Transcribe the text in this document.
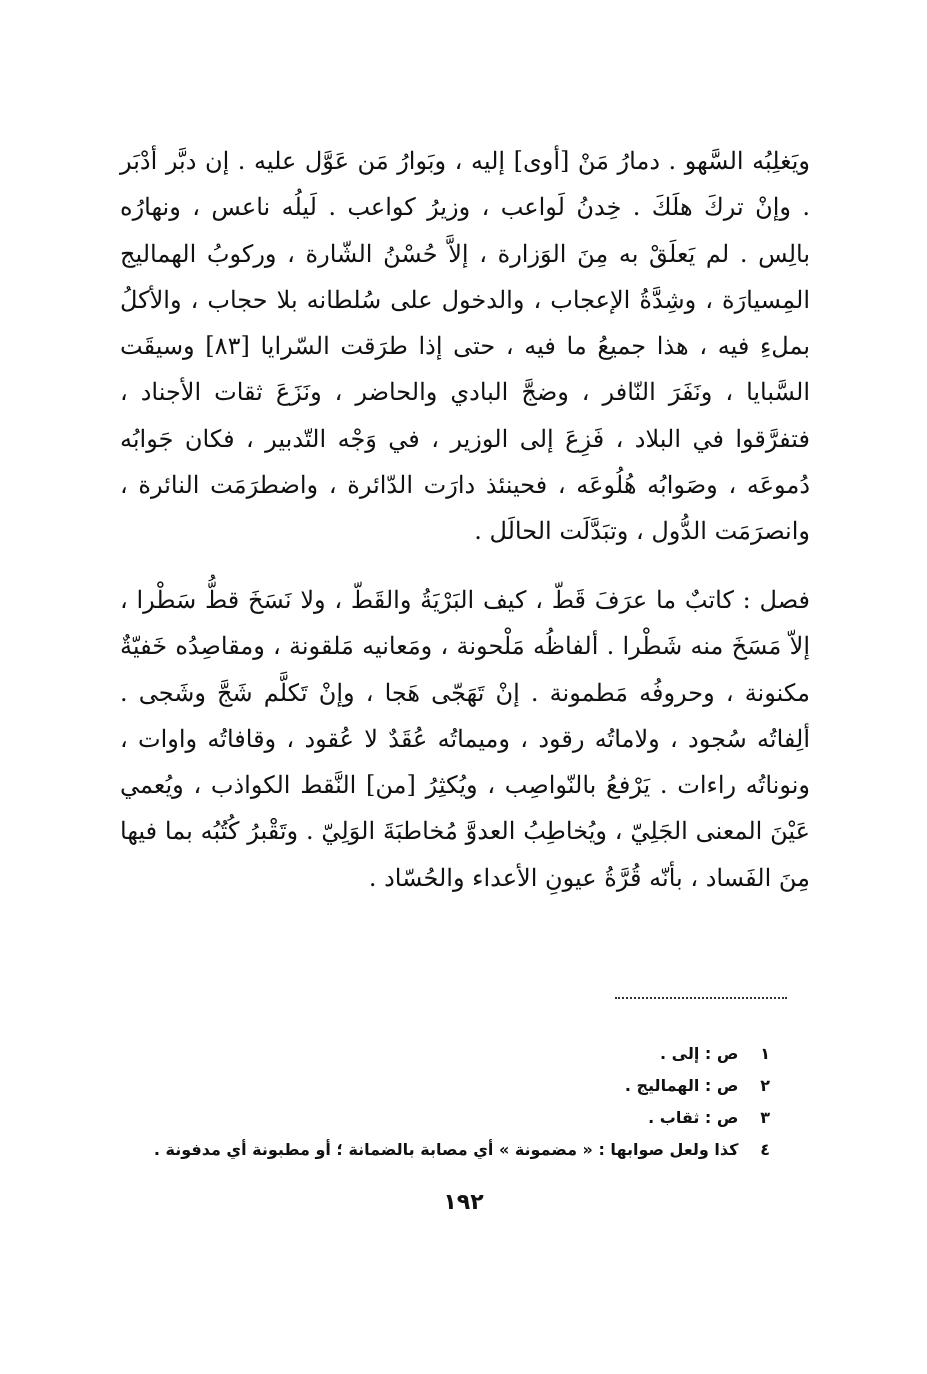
ويَغلِبُه السَّهو . دمارُ مَنْ [أوى] إليه ، وبَوارُ مَن عَوَّل عليه . إن دبَّر أدْبَر . وإنْ تركَ هلَكَ . خِدنُ لَواعب ، وزيرُ كواعب . لَيلُه ناعس ، ونهارُه بالِس . لم يَعلَقْ به مِنَ الوَزارة ، إلاَّ حُسْنُ الشّارة ، وركوبُ الهماليج المِسيارَة ، وشِدَّةُ الإعجاب ، والدخول على سُلطانه بلا حجاب ، والأكلُ بملءِ فيه ، هذا جميعُ ما فيه ، حتى إذا طرَقت السّرايا [٨٣] وسيقَت السَّبايا ، ونَفَرَ النّافر ، وضجَّ البادي والحاضر ، ونَزَعَ ثقات الأجناد ، فتفرَّقوا في البلاد ، فَزِعَ إلى الوزير ، في وَجْه التّدبير ، فكان جَوابُه دُموعَه ، وصَوابُه هُلُوعَه ، فحينئذ دارَت الدّائرة ، واضطرَمَت النائرة ، وانصرَمَت الدُّول ، وتبَدَّلَت الحالَل .

فصل : كاتبٌ ما عرَفَ قَطّ ، كيف البَرْيَةُ والقَطّ ، ولا نَسَخَ قطُّ سَطْرا ، إلاّ مَسَخَ منه شَطْرا . ألفاظُه مَلْحونة ، ومَعانيه مَلقونة ، ومقاصِدُه خَفيّةٌ مكنونة ، وحروفُه مَطمونة . إنْ تَهَجّى هَجا ، وإنْ تَكلَّم شَجَّ وشَجى . ألِفاتُه سُجود ، ولاماتُه رقود ، وميماتُه عُقَدٌ لا عُقود ، وقافاتُه واوات ، ونوناتُه راءات . يَرْفعُ بالنّواصِب ، ويُكثِرُ [من] النَّقط الكواذب ، ويُعمي عَيْنَ المعنى الجَلِيّ ، ويُخاطِبُ العدوَّ مُخاطبَةَ الوَلِيّ . وتَقْبرُ كُتُبُه بما فيها مِنَ الفَساد ، بأنّه قُرَّةُ عيونِ الأعداء والحُسّاد .

١ ص : إلى .
٢ ص : الهماليج .
٣ ص : ثقاب .
٤ كذا ولعل صوابها : « مضمونة » أي مصابة بالضمانة ؛ أو مطبونة أي مدفونة .
١٩٢
